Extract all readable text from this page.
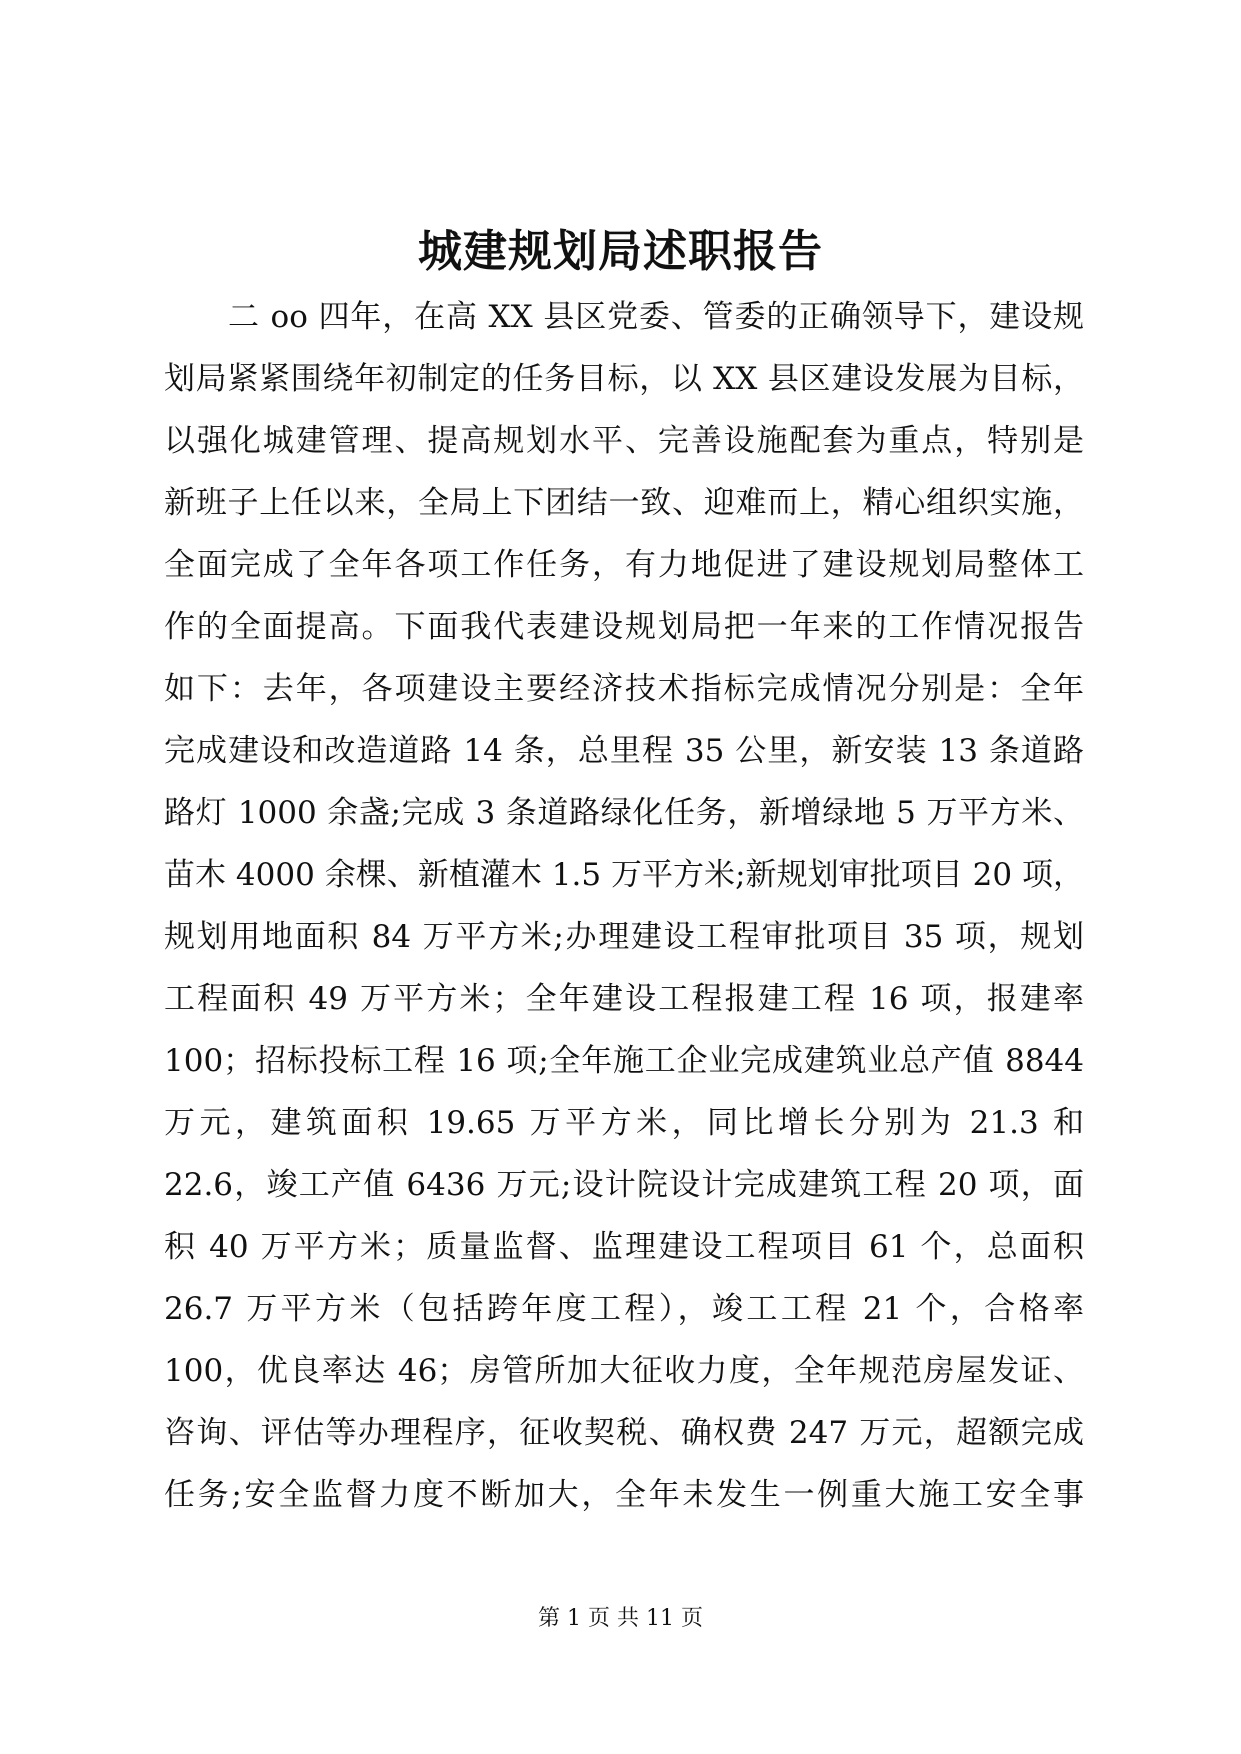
城建规划局述职报告
二 oo 四年，在高 XX 县区党委、管委的正确领导下，建设规
划局紧紧围绕年初制定的任务目标，以 XX 县区建设发展为目标，
以强化城建管理、提高规划水平、完善设施配套为重点，特别是
新班子上任以来，全局上下团结一致、迎难而上，精心组织实施，
全面完成了全年各项工作任务，有力地促进了建设规划局整体工
作的全面提高。下面我代表建设规划局把一年来的工作情况报告
如下：去年，各项建设主要经济技术指标完成情况分别是：全年
完成建设和改造道路 14 条，总里程 35 公里，新安装 13 条道路
路灯 1000 余盏;完成 3 条道路绿化任务，新增绿地 5 万平方米、
苗木 4000 余棵、新植灌木 1.5 万平方米;新规划审批项目 20 项，
规划用地面积 84 万平方米;办理建设工程审批项目 35 项，规划
工程面积 49 万平方米；全年建设工程报建工程 16 项，报建率
100；招标投标工程 16 项;全年施工企业完成建筑业总产值 8844
万元，建筑面积 19.65 万平方米，同比增长分别为 21.3 和
22.6，竣工产值 6436 万元;设计院设计完成建筑工程 20 项，面
积 40 万平方米；质量监督、监理建设工程项目 61 个，总面积
26.7 万平方米（包括跨年度工程），竣工工程 21 个，合格率
100，优良率达 46；房管所加大征收力度，全年规范房屋发证、
咨询、评估等办理程序，征收契税、确权费 247 万元，超额完成
任务;安全监督力度不断加大，全年未发生一例重大施工安全事
第 1 页 共 11 页
